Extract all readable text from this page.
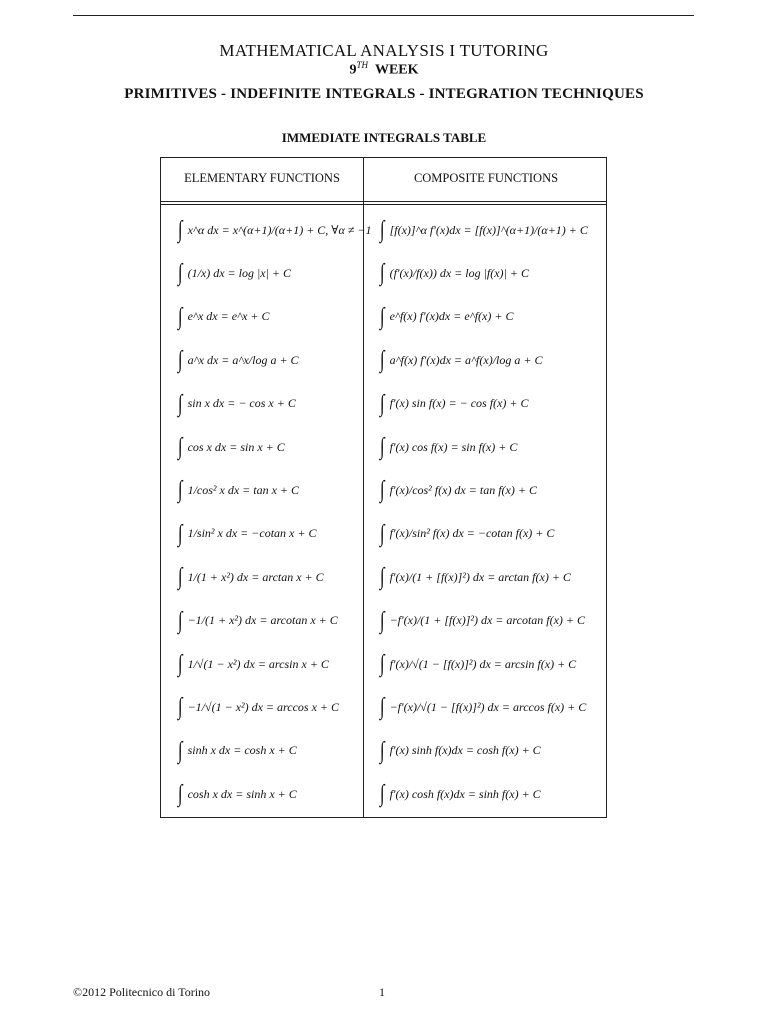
MATHEMATICAL ANALYSIS I TUTORING
9TH WEEK
PRIMITIVES - INDEFINITE INTEGRALS - INTEGRATION TECHNIQUES
IMMEDIATE INTEGRALS TABLE
ELEMENTARY FUNCTIONS	COMPOSITE FUNCTIONS
∫ x^α dx = x^(α+1)/(α+1) + C, ∀α ≠ −1 ∫ [f(x)]^α f′(x)dx = [f(x)]^(α+1)/(α+1) + C
∫ (1/x) dx = log |x| + C	∫ (f′(x)/f(x)) dx = log |f(x)| + C
∫ e^x dx = e^x + C	∫ e^f(x) f′(x)dx = e^f(x) + C
∫ a^x dx = a^x/log a + C	∫ a^f(x) f′(x)dx = a^f(x)/log a + C
∫ sin x dx = − cos x + C	∫ f′(x) sin f(x) = − cos f(x) + C
∫ cos x dx = sin x + C	∫ f′(x) cos f(x) = sin f(x) + C
∫ 1/cos² x dx = tan x + C	∫ f′(x)/cos² f(x) dx = tan f(x) + C
∫ 1/sin² x dx = −cotan x + C	∫ f′(x)/sin² f(x) dx = −cotan f(x) + C
∫ 1/(1 + x²) dx = arctan x + C ∫ f′(x)/(1 + [f(x)]²) dx = arctan f(x) + C
∫ −1/(1 + x²) dx = arcotan x + C ∫ −f′(x)/(1 + [f(x)]²) dx = arcotan f(x) + C
∫ 1/√(1 − x²) dx = arcsin x + C ∫ f′(x)/√(1 − [f(x)]²) dx = arcsin f(x) + C
∫ −1/√(1 − x²) dx = arccos x + C ∫ −f′(x)/√(1 − [f(x)]²) dx = arccos f(x) + C
∫ sinh x dx = cosh x + C	∫ f′(x) sinh f(x)dx = cosh f(x) + C
∫ cosh x dx = sinh x + C	∫ f′(x) cosh f(x)dx = sinh f(x) + C
©2012 Politecnico di Torino	1
